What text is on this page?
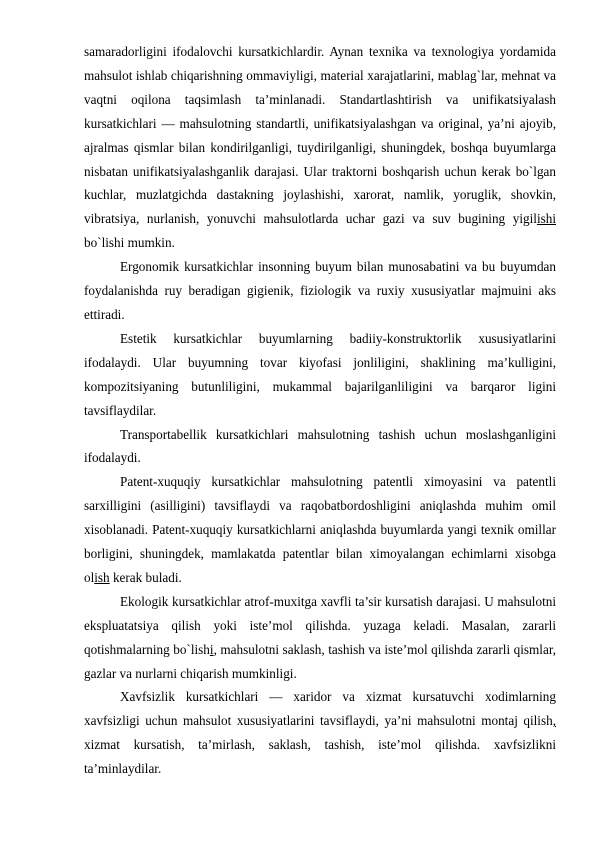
samaradorligini ifodalovchi kursatkichlardir. Aynan texnika va texnologiya yordamida mahsulot ishlab chiqarishning ommaviyligi, material xarajatlarini, mablag`lar, mehnat va vaqtni oqilona taqsimlash ta’minlanadi. Standartlashtirish va unifikatsiyalash kursatkichlari — mahsulotning standartli, unifikatsiyalashgan va original, ya’ni ajoyib, ajralmas qismlar bilan kondirilganligi, tuydirilganligi, shuningdek, boshqa buyumlarga nisbatan unifikatsiyalashganlik darajasi. Ular traktorni boshqarish uchun kerak bo`lgan kuchlar, muzlatgichda dastakning joylashishi, xarorat, namlik, yoruglik, shovkin, vibratsiya, nurlanish, yonuvchi mahsulotlarda uchar gazi va suv bugining yigilishi bo`lishi mumkin.

Ergonomik kursatkichlar insonning buyum bilan munosabatini va bu buyumdan foydalanishda ruy beradigan gigienik, fiziologik va ruxiy xususiyatlar majmuini aks ettiradi.

Estetik kursatkichlar buyumlarning badiiy-konstruktorlik xususiyatlarini ifodalaydi. Ular buyumning tovar kiyofasi jonliligini, shaklining ma’kulligini, kompozitsiyaning butunliligini, mukammal bajarilganliligini va barqaror ligini tavsiflaydilar.

Transportabellik kursatkichlari mahsulotning tashish uchun moslashganligini ifodalaydi.

Patent-xuquqiy kursatkichlar mahsulotning patentli ximoyasini va patentli sarxilligini (asilligini) tavsiflaydi va raqobatbordoshligini aniqlashda muhim omil xisoblanadi. Patent-xuquqiy kursatkichlarni aniqlashda buyumlarda yangi texnik omillar borligini, shuningdek, mamlakatda patentlar bilan ximoyalangan echimlarni xisobga olish kerak buladi.

Ekologik kursatkichlar atrof-muxitga xavfli ta’sir kursatish darajasi. U mahsulotni ekspluatatsiya qilish yoki iste’mol qilishda. yuzaga keladi. Masalan, zararli qotishmalarning bo`lishi, mahsulotni saklash, tashish va iste’mol qilishda zararli qismlar, gazlar va nurlarni chiqarish mumkinligi.

Xavfsizlik kursatkichlari — xaridor va xizmat kursatuvchi xodimlarning xavfsizligi uchun mahsulot xususiyatlarini tavsiflaydi, ya’ni mahsulotni montaj qilish, xizmat kursatish, ta’mirlash, saklash, tashish, iste’mol qilishda. xavfsizlikni ta’minlaydilar.
